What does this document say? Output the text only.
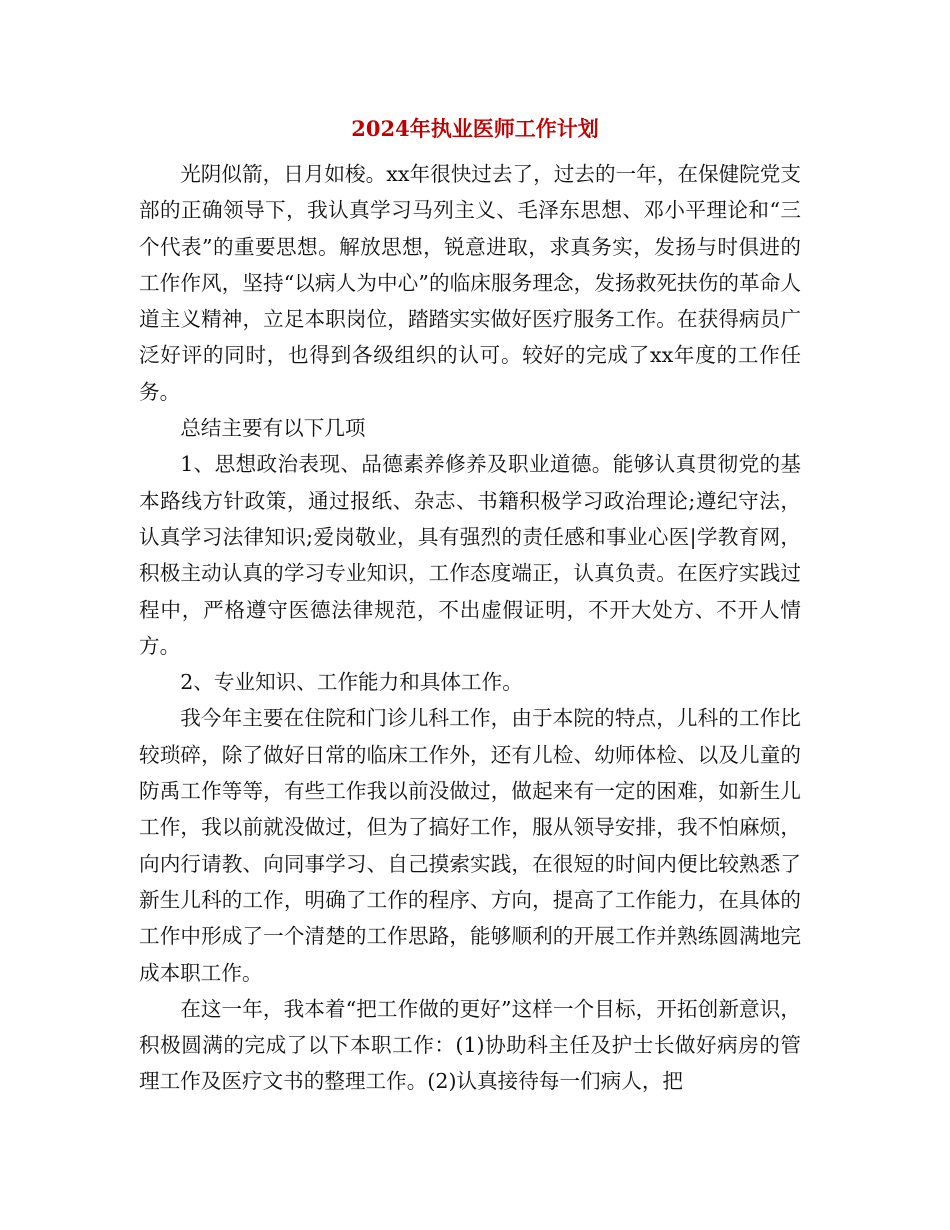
2024年执业医师工作计划

光阴似箭，日月如梭。xx年很快过去了，过去的一年，在保健院党支部的正确领导下，我认真学习马列主义、毛泽东思想、邓小平理论和“三个代表”的重要思想。解放思想，锐意进取，求真务实，发扬与时俱进的工作作风，坚持“以病人为中心”的临床服务理念，发扬救死扶伤的革命人道主义精神，立足本职岗位，踏踏实实做好医疗服务工作。在获得病员广泛好评的同时，也得到各级组织的认可。较好的完成了xx年度的工作任务。

总结主要有以下几项

1、思想政治表现、品德素养修养及职业道德。能够认真贯彻党的基本路线方针政策，通过报纸、杂志、书籍积极学习政治理论;遵纪守法，认真学习法律知识;爱岗敬业，具有强烈的责任感和事业心医|学教育网，积极主动认真的学习专业知识，工作态度端正，认真负责。在医疗实践过程中，严格遵守医德法律规范，不出虚假证明，不开大处方、不开人情方。

2、专业知识、工作能力和具体工作。

我今年主要在住院和门诊儿科工作，由于本院的特点，儿科的工作比较琐碎，除了做好日常的临床工作外，还有儿检、幼师体检、以及儿童的防禹工作等等，有些工作我以前没做过，做起来有一定的困难，如新生儿工作，我以前就没做过，但为了搞好工作，服从领导安排，我不怕麻烦，向内行请教、向同事学习、自己摸索实践，在很短的时间内便比较熟悉了新生儿科的工作，明确了工作的程序、方向，提高了工作能力，在具体的工作中形成了一个清楚的工作思路，能够顺利的开展工作并熟练圆满地完成本职工作。

在这一年，我本着“把工作做的更好”这样一个目标，开拓创新意识，积极圆满的完成了以下本职工作：(1)协助科主任及护士长做好病房的管理工作及医疗文书的整理工作。(2)认真接待每一们病人，把
